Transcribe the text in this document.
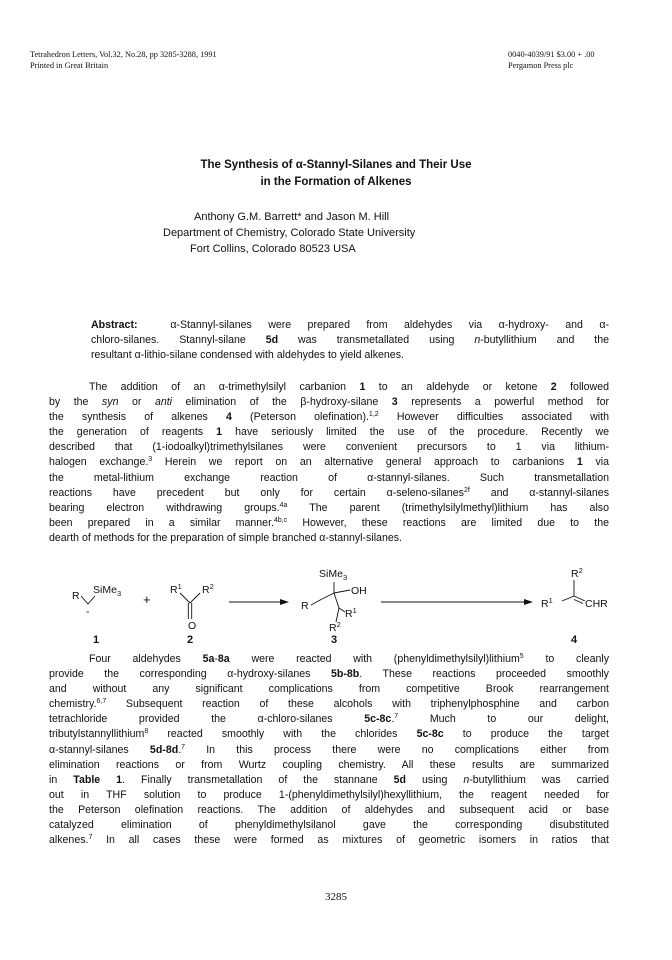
Tetrahedron Letters, Vol.32, No.28, pp 3285-3288, 1991
Printed in Great Britain
0040-4039/91 $3.00 + .00
Pergamon Press plc
The Synthesis of α-Stannyl-Silanes and Their Use
in the Formation of Alkenes
Anthony G.M. Barrett* and Jason M. Hill
Department of Chemistry, Colorado State University
Fort Collins, Colorado 80523 USA
Abstract:	α-Stannyl-silanes were prepared from aldehydes via α-hydroxy- and α-
chloro-silanes. Stannyl-silane 5d was transmetallated using n-butyllithium and the
resultant α-lithio-silane condensed with aldehydes to yield alkenes.
The addition of an α-trimethylsilyl carbanion 1 to an aldehyde or ketone 2 followed
by the syn or anti elimination of the β-hydroxy-silane 3 represents a powerful method for
the synthesis of alkenes 4 (Peterson olefination).$^{1,2}$ However difficulties associated with
the generation of reagents 1 have seriously limited the use of the procedure. Recently we
described that (1-iodoalkyl)trimethylsilanes were convenient precursors to 1 via lithium-
halogen exchange.$^3$ Herein we report on an alternative general approach to carbanions 1 via
the metal-lithium exchange reaction of α-stannyl-silanes. Such transmetallation
reactions have precedent but only for certain α-seleno-silanes$^{2f}$ and α-stannyl-silanes
bearing electron withdrawing groups.$^{4a}$ The parent (trimethylsilylmethyl)lithium has also
been prepared in a similar manner.$^{4b,c}$ However, these reactions are limited due to the
dearth of methods for the preparation of simple branched α-stannyl-silanes.
R SiMe$_3$
-
+
$R^1$ $R^2$
O
SiMe$_3$
OH
R
$R^1$
$R^2$
$R^2$
$R^1$	CHR
1	2	3	4
Four aldehydes 5a-8a were reacted with (phenyldimethylsilyl)lithium$^5$ to cleanly
provide the corresponding α-hydroxy-silanes 5b-8b. These reactions proceeded smoothly
and without any significant complications from competitive Brook rearrangement
chemistry.$^{6,7}$ Subsequent reaction of these alcohols with triphenylphosphine and carbon
tetrachloride provided the α-chloro-silanes 5c-8c.$^7$ Much to our delight,
tributylstannyllithium$^8$ reacted smoothly with the chlorides 5c-8c to produce the target
α-stannyl-silanes 5d-8d.$^7$ In this process there were no complications either from
elimination reactions or from Wurtz coupling chemistry. All these results are summarized
in Table 1. Finally transmetallation of the stannane 5d using n-butyllithium was carried
out in THF solution to produce 1-(phenyldimethylsilyl)hexyllithium, the reagent needed for
the Peterson olefination reactions. The addition of aldehydes and subsequent acid or base
catalyzed elimination of phenyldimethylsilanol gave the corresponding disubstituted
alkenes.$^7$ In all cases these were formed as mixtures of geometric isomers in ratios that
3285
